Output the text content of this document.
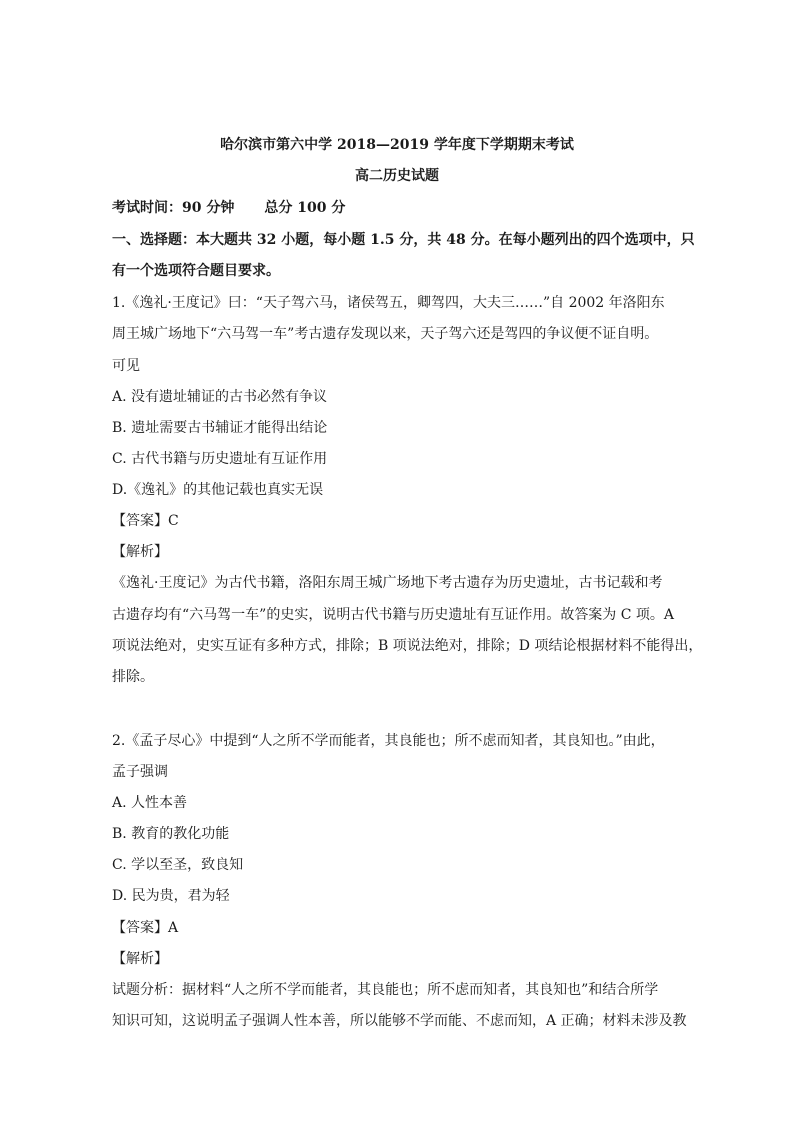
哈尔滨市第六中学 2018—2019 学年度下学期期末考试
高二历史试题
考试时间：90 分钟 总分 100 分
一、选择题：本大题共 32 小题，每小题 1.5 分，共 48 分。在每小题列出的四个选项中，只
有一个选项符合题目要求。
1.《逸礼·王度记》曰：“天子驾六马，诸侯驾五，卿驾四，大夫三……”自 2002 年洛阳东
周王城广场地下“六马驾一车”考古遗存发现以来，天子驾六还是驾四的争议便不证自明。
可见
A. 没有遗址辅证的古书必然有争议
B. 遗址需要古书辅证才能得出结论
C. 古代书籍与历史遗址有互证作用
D.《逸礼》的其他记载也真实无误
【答案】C
【解析】
《逸礼·王度记》为古代书籍，洛阳东周王城广场地下考古遗存为历史遗址，古书记载和考
古遗存均有“六马驾一车”的史实，说明古代书籍与历史遗址有互证作用。故答案为 C 项。A
项说法绝对，史实互证有多种方式，排除；B 项说法绝对，排除；D 项结论根据材料不能得出，
排除。
2.《孟子尽心》中提到“人之所不学而能者，其良能也；所不虑而知者，其良知也。”由此，
孟子强调
A. 人性本善
B. 教育的教化功能
C. 学以至圣，致良知
D. 民为贵，君为轻
【答案】A
【解析】
试题分析：据材料“人之所不学而能者，其良能也；所不虑而知者，其良知也”和结合所学
知识可知，这说明孟子强调人性本善，所以能够不学而能、不虑而知，A 正确；材料未涉及教
